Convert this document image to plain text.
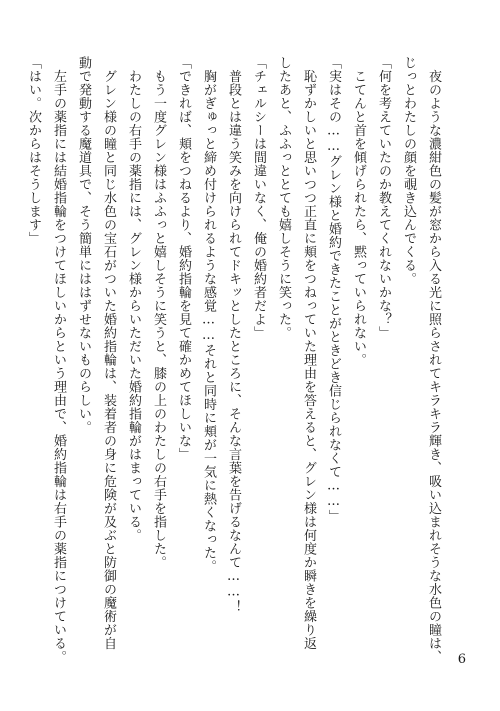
　夜のような濃紺色の髪が窓から入る光に照らされてキラキラ輝き、吸い込まれそうな水色の瞳は、
じっとわたしの顔を覗き込んでくる。
「何を考えていたのか教えてくれないかな？」
　こてんと首を傾げられたら、黙っていられない。
「実はその……グレン様と婚約できたことがときどき信じられなくて……」
　恥ずかしいと思いつつ正直に頬をつねっていた理由を答えると、グレン様は何度か瞬きを繰り返
したあと、ふふっととても嬉しそうに笑った。
「チェルシーは間違いなく、俺の婚約者だよ」
　普段とは違う笑みを向けられてドキッとしたところに、そんな言葉を告げるなんて……！
　胸がぎゅっと締め付けられるような感覚……それと同時に頬が一気に熱くなった。
「できれば、頬をつねるより、婚約指輪を見て確かめてほしいな」
　もう一度グレン様はふふっと嬉しそうに笑うと、膝の上のわたしの右手を指した。
　わたしの右手の薬指には、グレン様からいただいた婚約指輪がはまっている。
　グレン様の瞳と同じ水色の宝石がついた婚約指輪は、装着者の身に危険が及ぶと防御の魔術が自
動で発動する魔道具で、そう簡単にははずせないものらしい。
　左手の薬指には結婚指輪をつけてほしいからという理由で、婚約指輪は右手の薬指につけている。
「はい。次からはそうします」
6
